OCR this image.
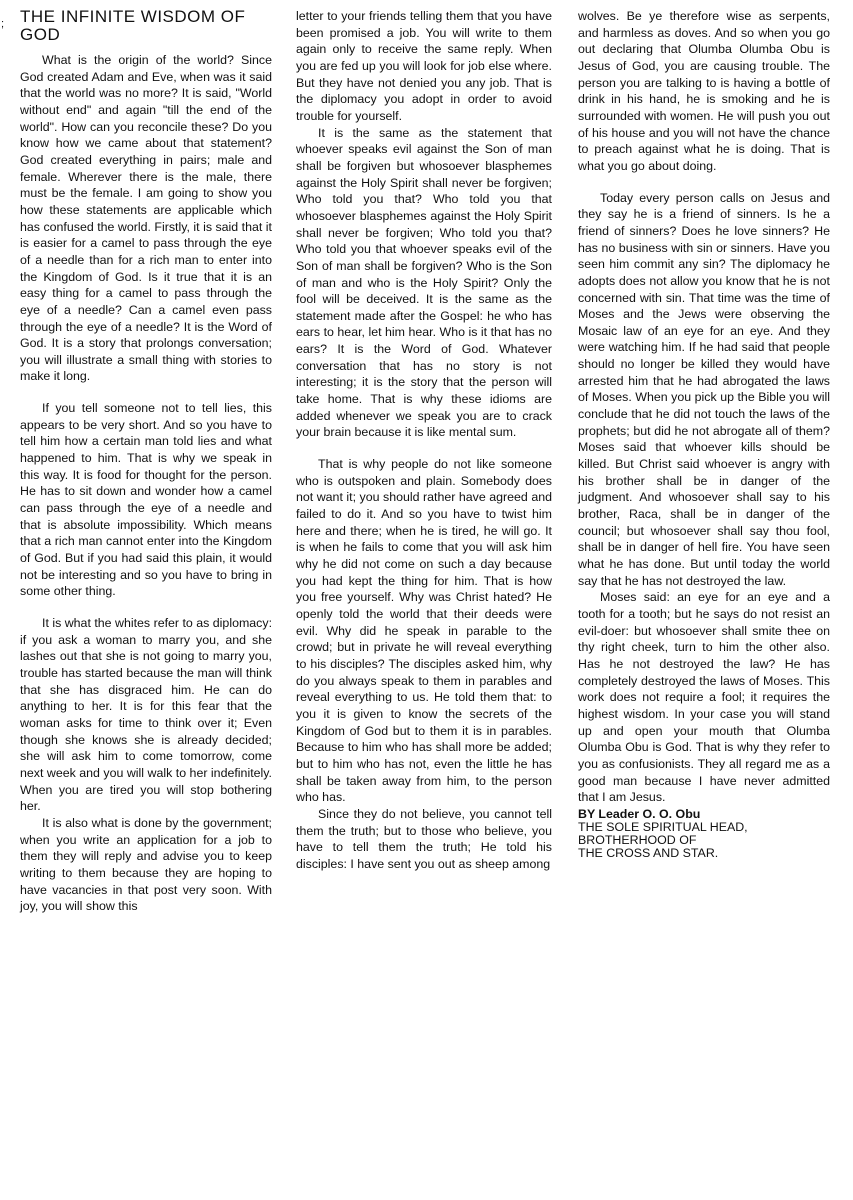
; THE INFINITE WISDOM OF GOD

What is the origin of the world? Since God created Adam and Eve, when was it said that the world was no more? It is said, "World without end" and again "till the end of the world". How can you reconcile these? Do you know how we came about that statement? God created everything in pairs; male and female. Wherever there is the male, there must be the female. I am going to show you how these statements are applicable which has confused the world. Firstly, it is said that it is easier for a camel to pass through the eye of a needle than for a rich man to enter into the Kingdom of God. Is it true that it is an easy thing for a camel to pass through the eye of a needle? Can a camel even pass through the eye of a needle? It is the Word of God. It is a story that prolongs conversation; you will illustrate a small thing with stories to make it long.

If you tell someone not to tell lies, this appears to be very short. And so you have to tell him how a certain man told lies and what happened to him. That is why we speak in this way. It is food for thought for the person. He has to sit down and wonder how a camel can pass through the eye of a needle and that is absolute impossibility. Which means that a rich man cannot enter into the Kingdom of God. But if you had said this plain, it would not be interesting and so you have to bring in some other thing.

It is what the whites refer to as diplomacy: if you ask a woman to marry you, and she lashes out that she is not going to marry you, trouble has started because the man will think that she has disgraced him. He can do anything to her. It is for this fear that the woman asks for time to think over it; Even though she knows she is already decided; she will ask him to come tomorrow, come next week and you will walk to her indefinitely. When you are tired you will stop bothering her.

It is also what is done by the government; when you write an application for a job to them they will reply and advise you to keep writing to them because they are hoping to have vacancies in that post very soon. With joy, you will show this

letter to your friends telling them that you have been promised a job. You will write to them again only to receive the same reply. When you are fed up you will look for job else where. But they have not denied you any job. That is the diplomacy you adopt in order to avoid trouble for yourself.

It is the same as the statement that whoever speaks evil against the Son of man shall be forgiven but whosoever blasphemes against the Holy Spirit shall never be forgiven; Who told you that? Who told you that whosoever blasphemes against the Holy Spirit shall never be forgiven; Who told you that? Who told you that whoever speaks evil of the Son of man shall be forgiven? Who is the Son of man and who is the Holy Spirit? Only the fool will be deceived. It is the same as the statement made after the Gospel: he who has ears to hear, let him hear. Who is it that has no ears? It is the Word of God. Whatever conversation that has no story is not interesting; it is the story that the person will take home. That is why these idioms are added whenever we speak you are to crack your brain because it is like mental sum.

That is why people do not like someone who is outspoken and plain. Somebody does not want it; you should rather have agreed and failed to do it. And so you have to twist him here and there; when he is tired, he will go. It is when he fails to come that you will ask him why he did not come on such a day because you had kept the thing for him. That is how you free yourself. Why was Christ hated? He openly told the world that their deeds were evil. Why did he speak in parable to the crowd; but in private he will reveal everything to his disciples? The disciples asked him, why do you always speak to them in parables and reveal everything to us. He told them that: to you it is given to know the secrets of the Kingdom of God but to them it is in parables. Because to him who has shall more be added; but to him who has not, even the little he has shall be taken away from him, to the person who has.

Since they do not believe, you cannot tell them the truth; but to those who believe, you have to tell them the truth; He told his disciples: I have sent you out as sheep among

wolves. Be ye therefore wise as serpents, and harmless as doves. And so when you go out declaring that Olumba Olumba Obu is Jesus of God, you are causing trouble. The person you are talking to is having a bottle of drink in his hand, he is smoking and he is surrounded with women. He will push you out of his house and you will not have the chance to preach against what he is doing. That is what you go about doing.

Today every person calls on Jesus and they say he is a friend of sinners. Is he a friend of sinners? Does he love sinners? He has no business with sin or sinners. Have you seen him commit any sin? The diplomacy he adopts does not allow you know that he is not concerned with sin. That time was the time of Moses and the Jews were observing the Mosaic law of an eye for an eye. And they were watching him. If he had said that people should no longer be killed they would have arrested him that he had abrogated the laws of Moses. When you pick up the Bible you will conclude that he did not touch the laws of the prophets; but did he not abrogate all of them? Moses said that whoever kills should be killed. But Christ said whoever is angry with his brother shall be in danger of the judgment. And whosoever shall say to his brother, Raca, shall be in danger of the council; but whosoever shall say thou fool, shall be in danger of hell fire. You have seen what he has done. But until today the world say that he has not destroyed the law.

Moses said: an eye for an eye and a tooth for a tooth; but he says do not resist an evil-doer: but whosoever shall smite thee on thy right cheek, turn to him the other also. Has he not destroyed the law? He has completely destroyed the laws of Moses. This work does not require a fool; it requires the highest wisdom. In your case you will stand up and open your mouth that Olumba Olumba Obu is God. That is why they refer to you as confusionists. They all regard me as a good man because I have never admitted that I am Jesus.

BY Leader O. O. Obu
THE SOLE SPIRITUAL HEAD,
BROTHERHOOD OF
THE CROSS AND STAR.
